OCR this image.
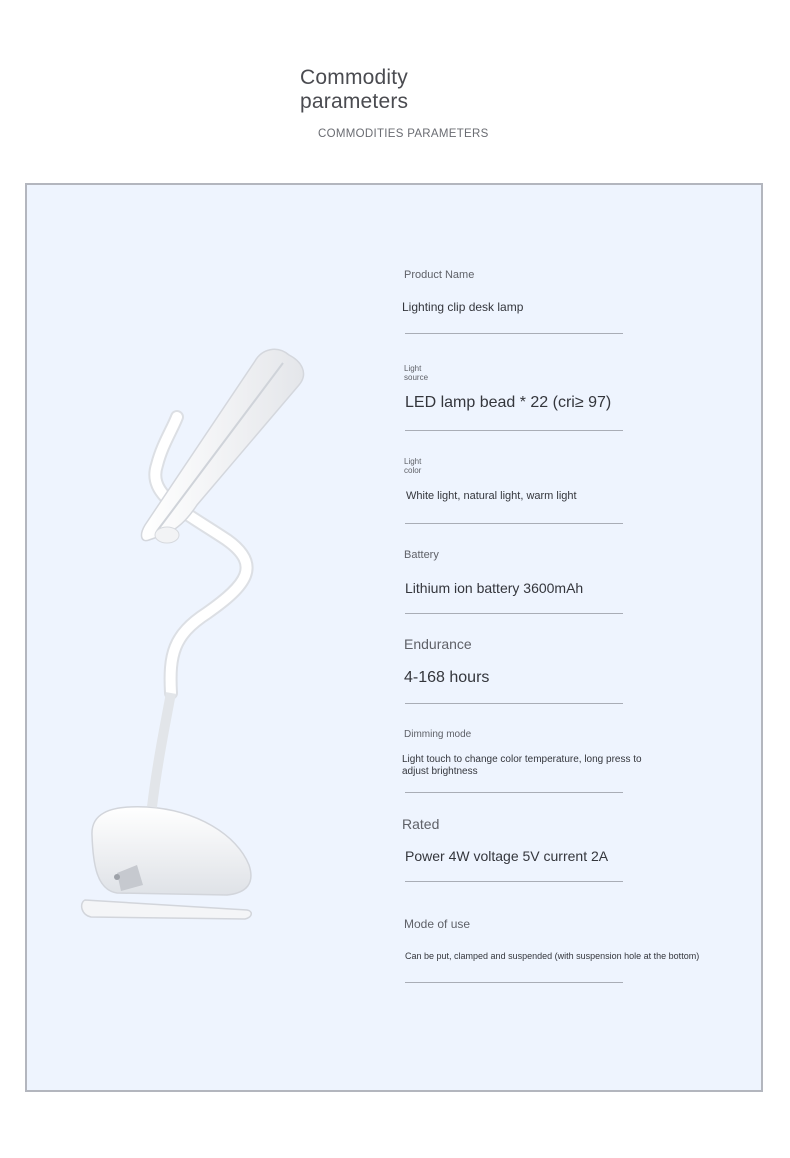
Commodity
parameters
COMMODITIES PARAMETERS
Product Name
Lighting clip desk lamp
Light source
LED lamp bead * 22 (cri≥ 97)
Light color
White light, natural light, warm light
Battery
Lithium ion battery 3600mAh
Endurance
4-168 hours
Dimming mode
Light touch to change color temperature, long press to adjust brightness
Rated
Power 4W voltage 5V current 2A
Mode of use
Can be put, clamped and suspended (with suspension hole at the bottom)
